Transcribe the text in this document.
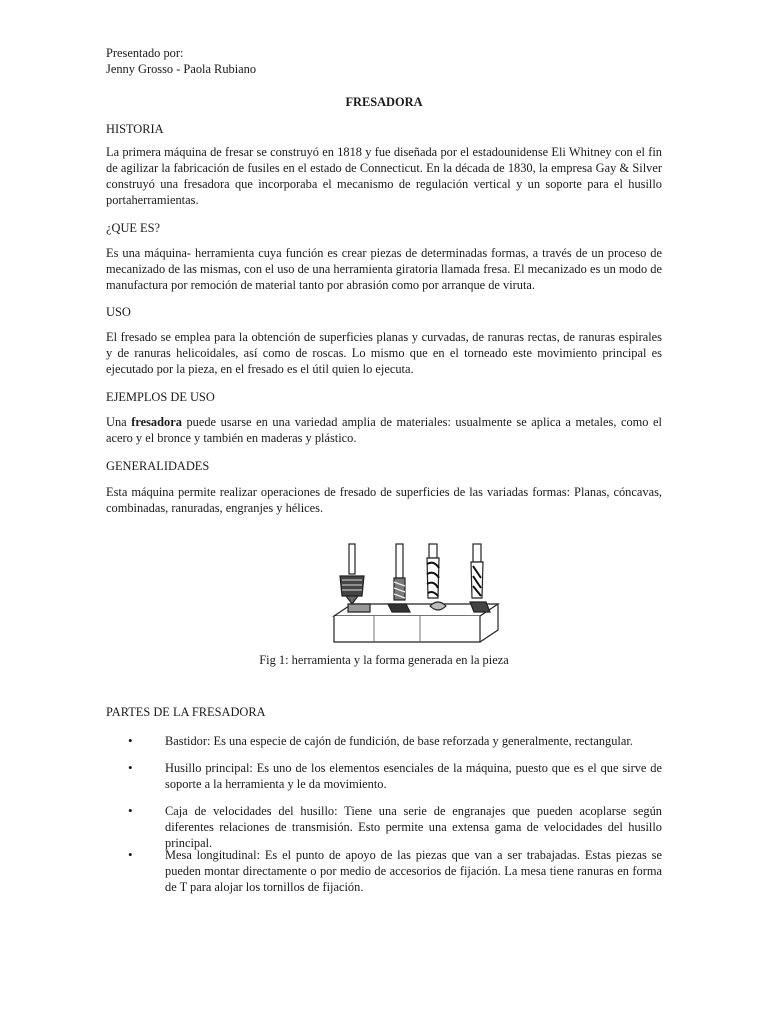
Presentado por:
Jenny Grosso - Paola Rubiano
FRESADORA
HISTORIA

La primera máquina de fresar se construyó en 1818 y fue diseñada por el estadounidense Eli Whitney con el fin de agilizar la fabricación de fusiles en el estado de Connecticut. En la década de 1830, la empresa Gay & Silver construyó una fresadora que incorporaba el mecanismo de regulación vertical y un soporte para el husillo portaherramientas.

¿QUE ES?

Es una máquina- herramienta cuya función es crear piezas de determinadas formas, a través de un proceso de mecanizado de las mismas, con el uso de una herramienta giratoria llamada fresa. El mecanizado es un modo de manufactura por remoción de material tanto por abrasión como por arranque de viruta.

USO

El fresado se emplea para la obtención de superficies planas y curvadas, de ranuras rectas, de ranuras espirales y de ranuras helicoidales, así como de roscas. Lo mismo que en el torneado este movimiento principal es ejecutado por la pieza, en el fresado es el útil quien lo ejecuta.

EJEMPLOS DE USO

Una fresadora puede usarse en una variedad amplia de materiales: usualmente se aplica a metales, como el acero y el bronce y también en maderas y plástico.

GENERALIDADES

Esta máquina permite realizar operaciones de fresado de superficies de las variadas formas: Planas, cóncavas, combinadas, ranuradas, engranjes y hélices.

Fig 1: herramienta y la forma generada en la pieza
PARTES DE LA FRESADORA
•	Bastidor: Es una especie de cajón de fundición, de base reforzada y generalmente, rectangular.

•	Husillo principal: Es uno de los elementos esenciales de la máquina, puesto que es el que sirve de soporte a la herramienta y le da movimiento.

•	Caja de velocidades del husillo: Tiene una serie de engranajes que pueden acoplarse según diferentes relaciones de transmisión. Esto permite una extensa gama de velocidades del husillo principal.

•	Mesa longitudinal: Es el punto de apoyo de las piezas que van a ser trabajadas. Estas piezas se pueden montar directamente o por medio de accesorios de fijación. La mesa tiene ranuras en forma de T para alojar los tornillos de fijación.
